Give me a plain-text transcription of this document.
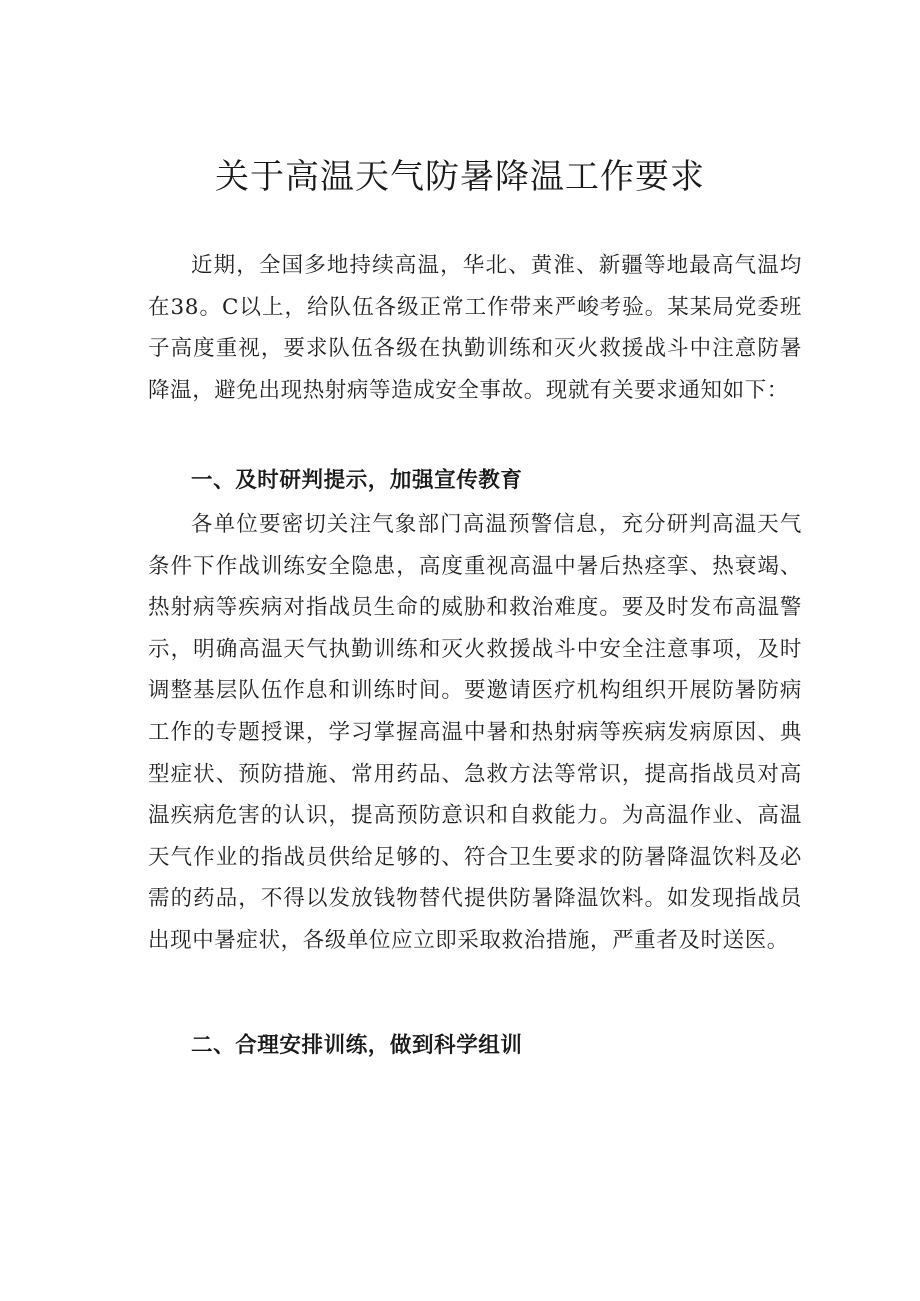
关于高温天气防暑降温工作要求

近期，全国多地持续高温，华北、黄淮、新疆等地最高气温均在38。C以上，给队伍各级正常工作带来严峻考验。某某局党委班子高度重视，要求队伍各级在执勤训练和灭火救援战斗中注意防暑降温，避免出现热射病等造成安全事故。现就有关要求通知如下：

一、及时研判提示，加强宣传教育

各单位要密切关注气象部门高温预警信息，充分研判高温天气条件下作战训练安全隐患，高度重视高温中暑后热痉挛、热衰竭、热射病等疾病对指战员生命的威胁和救治难度。要及时发布高温警示，明确高温天气执勤训练和灭火救援战斗中安全注意事项，及时调整基层队伍作息和训练时间。要邀请医疗机构组织开展防暑防病工作的专题授课，学习掌握高温中暑和热射病等疾病发病原因、典型症状、预防措施、常用药品、急救方法等常识，提高指战员对高温疾病危害的认识，提高预防意识和自救能力。为高温作业、高温天气作业的指战员供给足够的、符合卫生要求的防暑降温饮料及必需的药品，不得以发放钱物替代提供防暑降温饮料。如发现指战员出现中暑症状，各级单位应立即采取救治措施，严重者及时送医。

二、合理安排训练，做到科学组训
